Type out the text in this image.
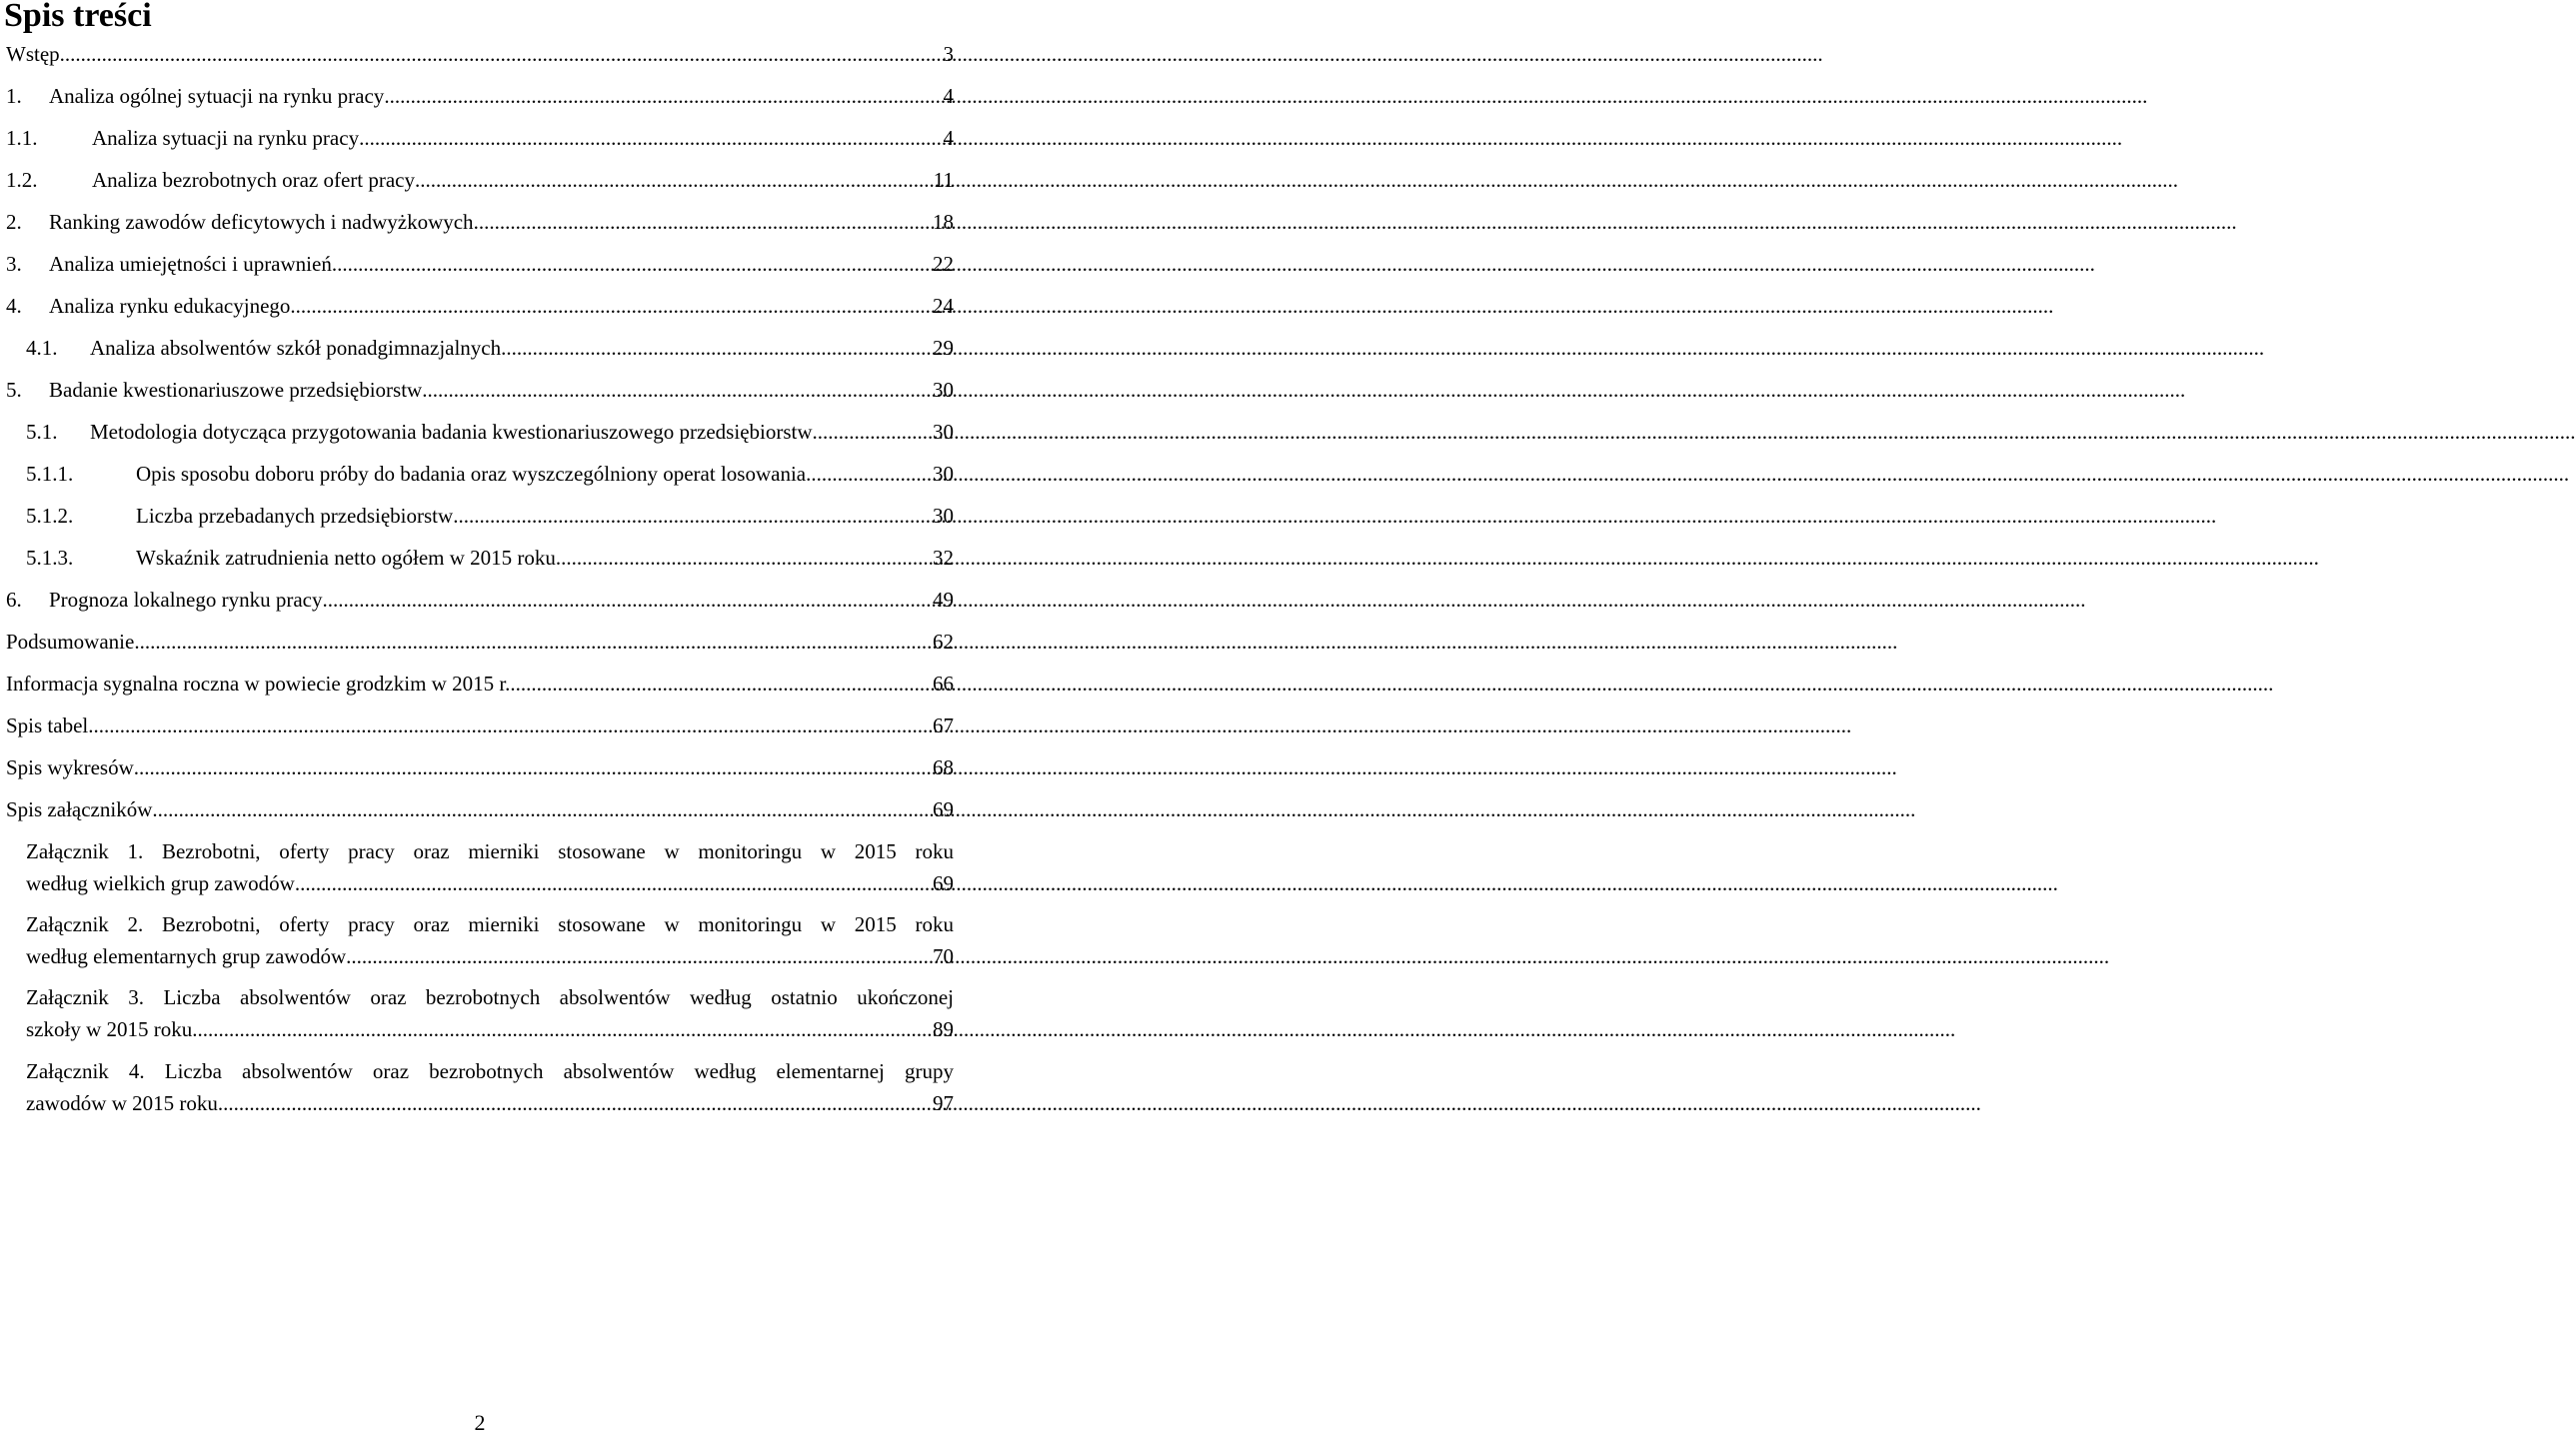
Spis treści
Wstęp .....	3
1.	Analiza ogólnej sytuacji na rynku pracy .....	4
1.1.	Analiza sytuacji na rynku pracy .....	4
1.2.	Analiza bezrobotnych oraz ofert pracy .....	11
2.	Ranking zawodów deficytowych i nadwyżkowych .....	18
3.	Analiza umiejętności i uprawnień .....	22
4.	Analiza rynku edukacyjnego .....	24
4.1.	Analiza absolwentów szkół ponadgimnazjalnych .....	29
5.	Badanie kwestionariuszowe przedsiębiorstw .....	30
5.1.	Metodologia dotycząca przygotowania badania kwestionariuszowego przedsiębiorstw .....	30
5.1.1.	Opis sposobu doboru próby do badania oraz wyszczególniony operat losowania .....	30
5.1.2.	Liczba przebadanych przedsiębiorstw .....	30
5.1.3.	Wskaźnik zatrudnienia netto ogółem w 2015 roku .....	32
6.	Prognoza lokalnego rynku pracy .....	49
Podsumowanie .....	62
Informacja sygnalna roczna w powiecie grodzkim w 2015 r. .....	66
Spis tabel .....	67
Spis wykresów .....	68
Spis załączników .....	69
Załącznik 1. Bezrobotni, oferty pracy oraz mierniki stosowane w monitoringu w 2015 roku
według wielkich grup zawodów .....	69
Załącznik 2. Bezrobotni, oferty pracy oraz mierniki stosowane w monitoringu w 2015 roku
według elementarnych grup zawodów .....	70
Załącznik 3. Liczba absolwentów oraz bezrobotnych absolwentów według ostatnio ukończonej
szkoły w 2015 roku .....	89
Załącznik 4. Liczba absolwentów oraz bezrobotnych absolwentów według elementarnej grupy
zawodów w 2015 roku .....	97
2
